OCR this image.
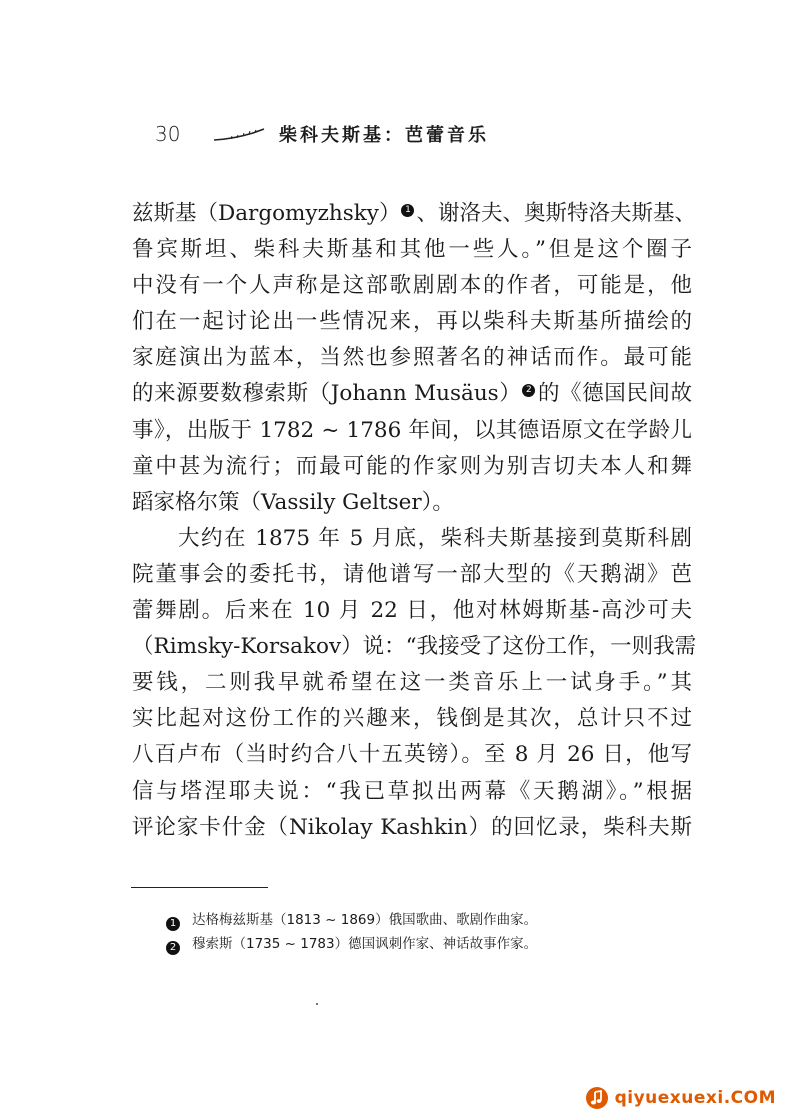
30	柴科夫斯基：芭蕾音乐
兹斯基（Dargomyzhsky） 1 、谢洛夫、奥斯特洛夫斯基、
鲁宾斯坦、柴科夫斯基和其他一些人。”但是这个圈子
中没有一个人声称是这部歌剧剧本的作者，可能是，他
们在一起讨论出一些情况来，再以柴科夫斯基所描绘的
家庭演出为蓝本，当然也参照著名的神话而作。最可能
的来源要数穆索斯（Johann Musäus） 2 的《德国民间故
事》，出版于 1782 ~ 1786 年间，以其德语原文在学龄儿
童中甚为流行；而最可能的作家则为别吉切夫本人和舞
蹈家格尔策（Vassily Geltser）。
大约在 1875 年 5 月底，柴科夫斯基接到莫斯科剧
院董事会的委托书，请他谱写一部大型的《天鹅湖》芭
蕾舞剧。后来在 10 月 22 日，他对林姆斯基-高沙可夫
（Rimsky-Korsakov）说：“我接受了这份工作，一则我需
要钱，二则我早就希望在这一类音乐上一试身手。”其
实比起对这份工作的兴趣来，钱倒是其次，总计只不过
八百卢布（当时约合八十五英镑）。至 8 月 26 日，他写
信与塔涅耶夫说：“我已草拟出两幕《天鹅湖》。”根据
评论家卡什金（Nikolay Kashkin）的回忆录，柴科夫斯
1 达格梅兹斯基（1813 ~ 1869）俄国歌曲、歌剧作曲家。
2 穆索斯（1735 ~ 1783）德国讽刺作家、神话故事作家。
qiyuexuexi.COM
